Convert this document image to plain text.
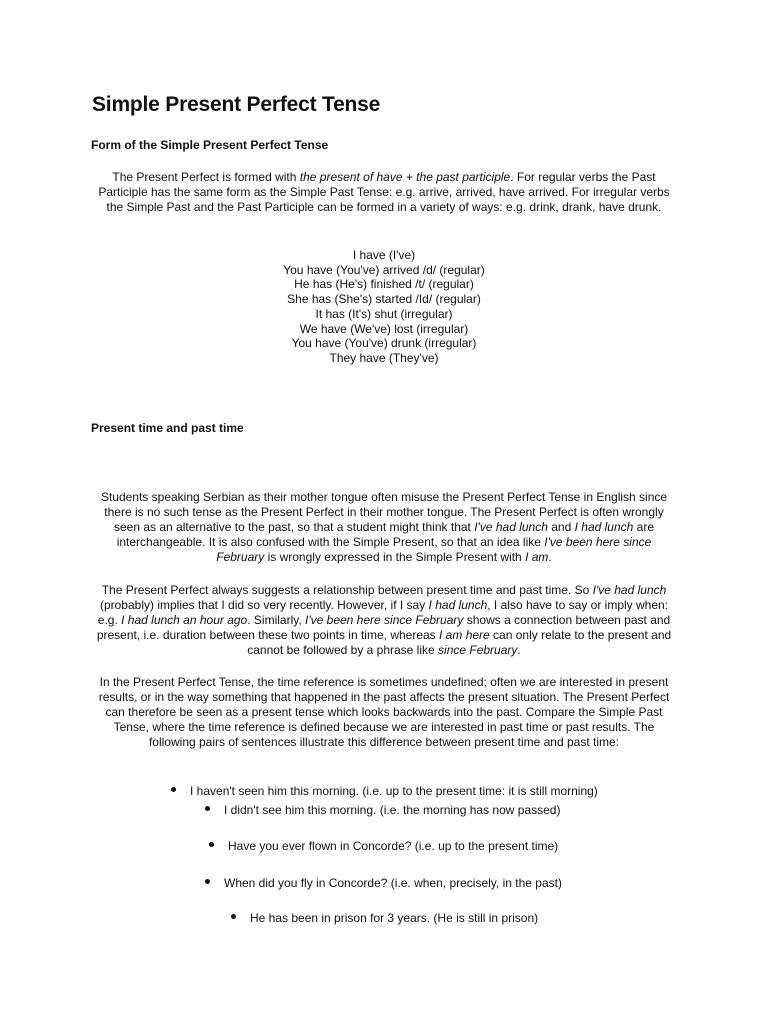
Simple Present Perfect Tense
Form of the Simple Present Perfect Tense

The Present Perfect is formed with the present of have + the past participle. For regular verbs the Past Participle has the same form as the Simple Past Tense: e.g. arrive, arrived, have arrived. For irregular verbs the Simple Past and the Past Participle can be formed in a variety of ways: e.g. drink, drank, have drunk.

I have (I've)
You have (You've) arrived /d/ (regular)
He has (He's) finished /t/ (regular)
She has (She's) started /Id/ (regular)
It has (It's) shut (irregular)
We have (We've) lost (irregular)
You have (You've) drunk (irregular)
They have (They've)
Present time and past time

Students speaking Serbian as their mother tongue often misuse the Present Perfect Tense in English since there is no such tense as the Present Perfect in their mother tongue. The Present Perfect is often wrongly seen as an alternative to the past, so that a student might think that I've had lunch and I had lunch are interchangeable. It is also confused with the Simple Present, so that an idea like I've been here since February is wrongly expressed in the Simple Present with I am.

The Present Perfect always suggests a relationship between present time and past time. So I've had lunch (probably) implies that I did so very recently. However, if I say I had lunch, I also have to say or imply when: e.g. I had lunch an hour ago. Similarly, I've been here since February shows a connection between past and present, i.e. duration between these two points in time, whereas I am here can only relate to the present and cannot be followed by a phrase like since February.

In the Present Perfect Tense, the time reference is sometimes undefined; often we are interested in present results, or in the way something that happened in the past affects the present situation. The Present Perfect can therefore be seen as a present tense which looks backwards into the past. Compare the Simple Past Tense, where the time reference is defined because we are interested in past time or past results. The following pairs of sentences illustrate this difference between present time and past time:

I haven't seen him this morning. (i.e. up to the present time: it is still morning)
I didn't see him this morning. (i.e. the morning has now passed)
Have you ever flown in Concorde? (i.e. up to the present time)
When did you fly in Concorde? (i.e. when, precisely, in the past)
He has been in prison for 3 years. (He is still in prison)
